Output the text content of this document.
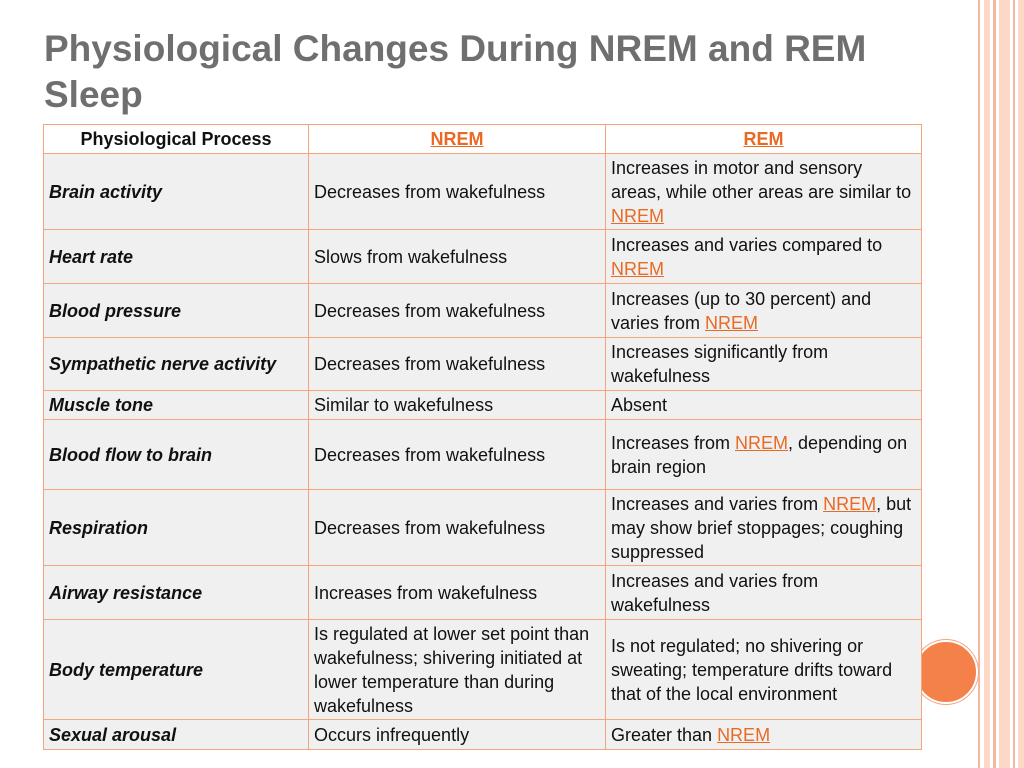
Physiological Changes During NREM and REM Sleep
Physiological Process	NREM	REM
Brain activity	Decreases from wakefulness	Increases in motor and sensory areas, while other areas are similar to NREM
Heart rate	Slows from wakefulness	Increases and varies compared to NREM
Blood pressure	Decreases from wakefulness	Increases (up to 30 percent) and varies from NREM
Sympathetic nerve activity	Decreases from wakefulness	Increases significantly from wakefulness
Muscle tone	Similar to wakefulness	Absent
Blood flow to brain	Decreases from wakefulness	Increases from NREM, depending on brain region
Respiration	Decreases from wakefulness	Increases and varies from NREM, but may show brief stoppages; coughing suppressed
Airway resistance	Increases from wakefulness	Increases and varies from wakefulness
Body temperature	Is regulated at lower set point than wakefulness; shivering initiated at lower temperature than during wakefulness	Is not regulated; no shivering or sweating; temperature drifts toward that of the local environment
Sexual arousal	Occurs infrequently	Greater than NREM
